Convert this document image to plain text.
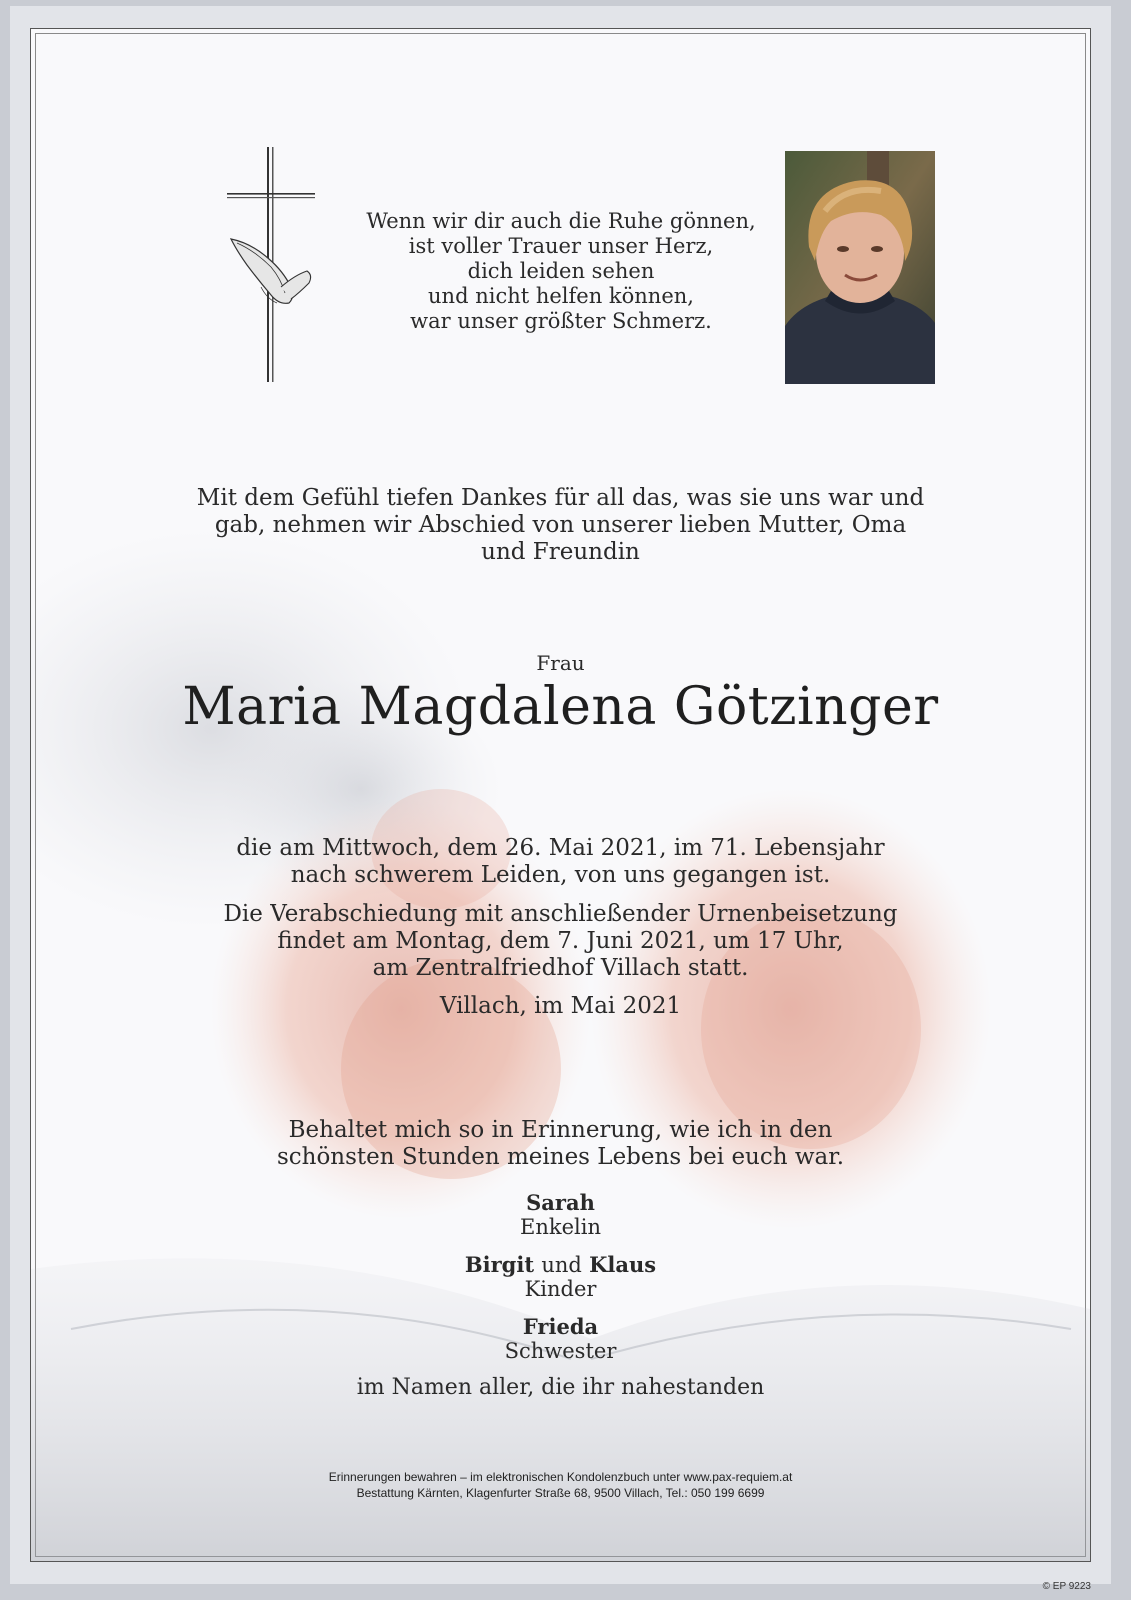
Wenn wir dir auch die Ruhe gönnen,
ist voller Trauer unser Herz,
dich leiden sehen
und nicht helfen können,
war unser größter Schmerz.
Mit dem Gefühl tiefen Dankes für all das, was sie uns war und
gab, nehmen wir Abschied von unserer lieben Mutter, Oma
und Freundin
Frau
Maria Magdalena Götzinger
die am Mittwoch, dem 26. Mai 2021, im 71. Lebensjahr
nach schwerem Leiden, von uns gegangen ist.
Die Verabschiedung mit anschließender Urnenbeisetzung
findet am Montag, dem 7. Juni 2021, um 17 Uhr,
am Zentralfriedhof Villach statt.
Villach, im Mai 2021
Behaltet mich so in Erinnerung, wie ich in den
schönsten Stunden meines Lebens bei euch war.
Sarah
Enkelin
Birgit und Klaus
Kinder
Frieda
Schwester
im Namen aller, die ihr nahestanden
Erinnerungen bewahren – im elektronischen Kondolenzbuch unter www.pax-requiem.at
Bestattung Kärnten, Klagenfurter Straße 68, 9500 Villach, Tel.: 050 199 6699
© EP 9223
